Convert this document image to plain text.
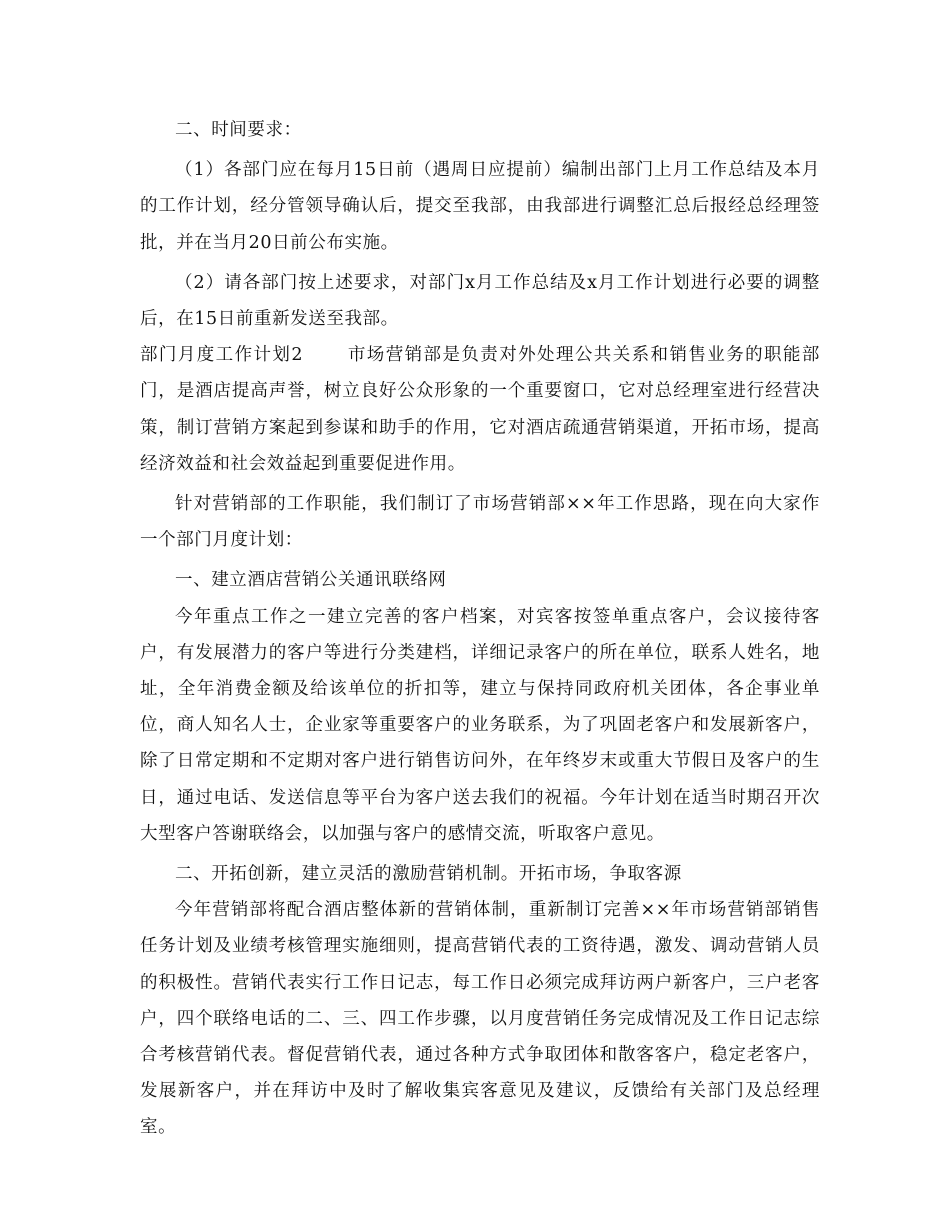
二、时间要求：

（1）各部门应在每月15日前（遇周日应提前）编制出部门上月工作总结及本月的工作计划，经分管领导确认后，提交至我部，由我部进行调整汇总后报经总经理签批，并在当月20日前公布实施。

（2）请各部门按上述要求，对部门x月工作总结及x月工作计划进行必要的调整后，在15日前重新发送至我部。

部门月度工作计划2	市场营销部是负责对外处理公共关系和销售业务的职能部门，是酒店提高声誉，树立良好公众形象的一个重要窗口，它对总经理室进行经营决策，制订营销方案起到参谋和助手的作用，它对酒店疏通营销渠道，开拓市场，提高经济效益和社会效益起到重要促进作用。

针对营销部的工作职能，我们制订了市场营销部××年工作思路，现在向大家作一个部门月度计划：

一、建立酒店营销公关通讯联络网

今年重点工作之一建立完善的客户档案，对宾客按签单重点客户，会议接待客户，有发展潜力的客户等进行分类建档，详细记录客户的所在单位，联系人姓名，地址，全年消费金额及给该单位的折扣等，建立与保持同政府机关团体，各企事业单位，商人知名人士，企业家等重要客户的业务联系，为了巩固老客户和发展新客户，除了日常定期和不定期对客户进行销售访问外，在年终岁末或重大节假日及客户的生日，通过电话、发送信息等平台为客户送去我们的祝福。今年计划在适当时期召开次大型客户答谢联络会，以加强与客户的感情交流，听取客户意见。

二、开拓创新，建立灵活的激励营销机制。开拓市场，争取客源

今年营销部将配合酒店整体新的营销体制，重新制订完善××年市场营销部销售任务计划及业绩考核管理实施细则，提高营销代表的工资待遇，激发、调动营销人员的积极性。营销代表实行工作日记志，每工作日必须完成拜访两户新客户，三户老客户，四个联络电话的二、三、四工作步骤，以月度营销任务完成情况及工作日记志综合考核营销代表。督促营销代表，通过各种方式争取团体和散客客户，稳定老客户，发展新客户，并在拜访中及时了解收集宾客意见及建议，反馈给有关部门及总经理室。
